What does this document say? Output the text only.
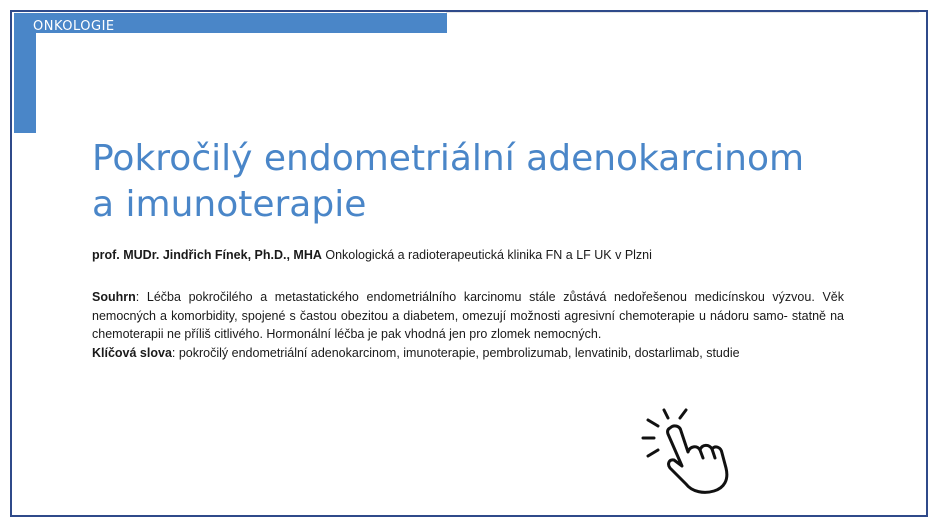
ONKOLOGIE
Pokročilý endometriální adenokarcinom
a imunoterapie
prof. MUDr. Jindřich Fínek, Ph.D., MHA Onkologická a radioterapeutická klinika FN a LF UK v Plzni

Souhrn: Léčba pokročilého a metastatického endometriálního karcinomu stále zůstává nedořešenou medicínskou výzvou. Věk nemocných a komorbidity, spojené s častou obezitou a diabetem, omezují možnosti agresivní chemoterapie u nádoru samo- statně na chemoterapii ne příliš citlivého. Hormonální léčba je pak vhodná jen pro zlomek nemocných.

Klíčová slova: pokročilý endometriální adenokarcinom, imunoterapie, pembrolizumab, lenvatinib, dostarlimab, studie
